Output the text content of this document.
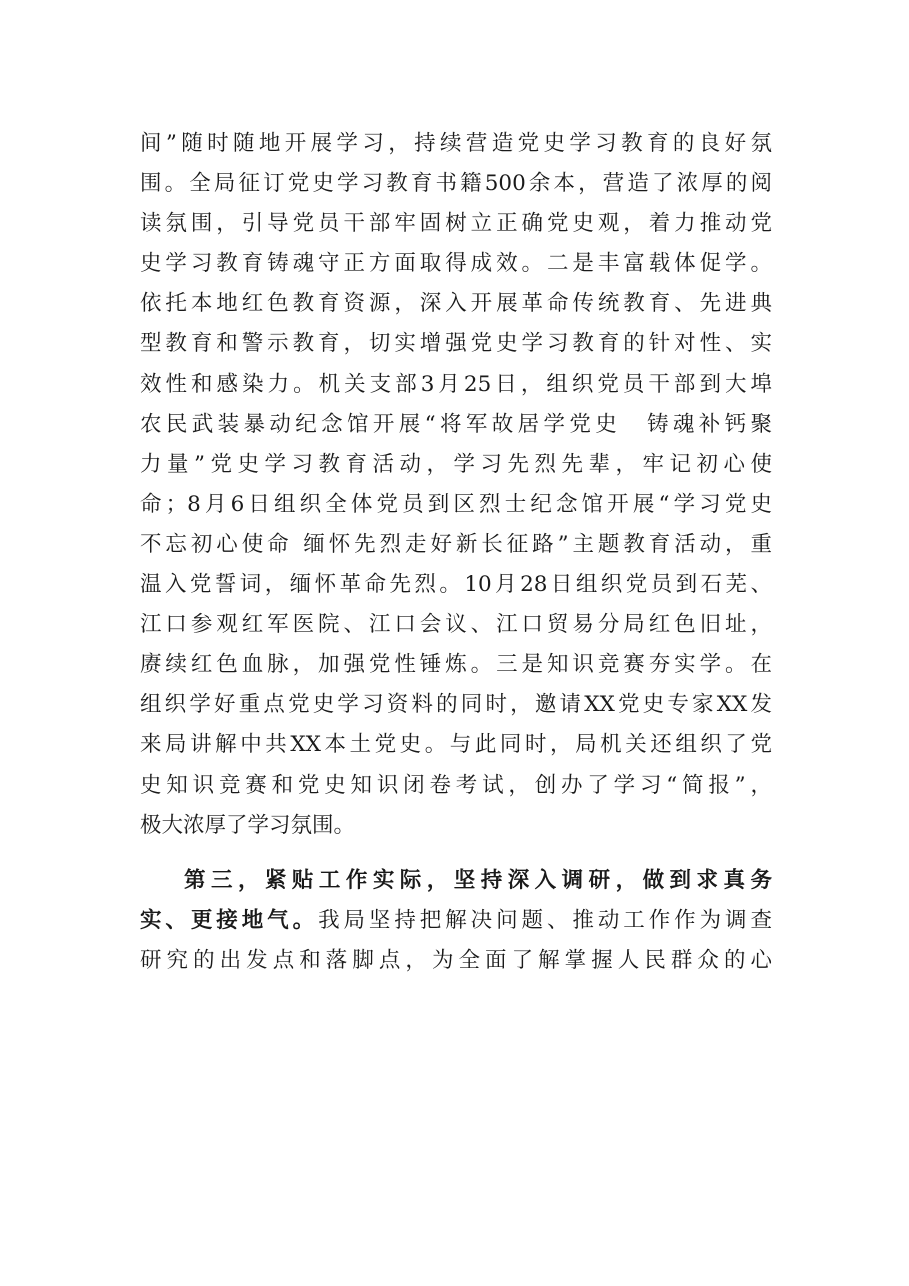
间”随时随地开展学习，持续营造党史学习教育的良好氛
围。全局征订党史学习教育书籍500余本，营造了浓厚的阅
读氛围，引导党员干部牢固树立正确党史观，着力推动党
史学习教育铸魂守正方面取得成效。二是丰富载体促学。
依托本地红色教育资源，深入开展革命传统教育、先进典
型教育和警示教育，切实增强党史学习教育的针对性、实
效性和感染力。机关支部3月25日，组织党员干部到大埠
农民武装暴动纪念馆开展“将军故居学党史　铸魂补钙聚
力量”党史学习教育活动，学习先烈先辈，牢记初心使
命；8月6日组织全体党员到区烈士纪念馆开展“学习党史
不忘初心使命 缅怀先烈走好新长征路”主题教育活动，重
温入党誓词，缅怀革命先烈。10月28日组织党员到石芜、
江口参观红军医院、江口会议、江口贸易分局红色旧址，
赓续红色血脉，加强党性锤炼。三是知识竞赛夯实学。在
组织学好重点党史学习资料的同时，邀请XX党史专家XX发
来局讲解中共XX本土党史。与此同时，局机关还组织了党
史知识竞赛和党史知识闭卷考试，创办了学习“简报”，
极大浓厚了学习氛围。
第三，紧贴工作实际，坚持深入调研，做到求真务
实、更接地气。我局坚持把解决问题、推动工作作为调查
研究的出发点和落脚点，为全面了解掌握人民群众的心
